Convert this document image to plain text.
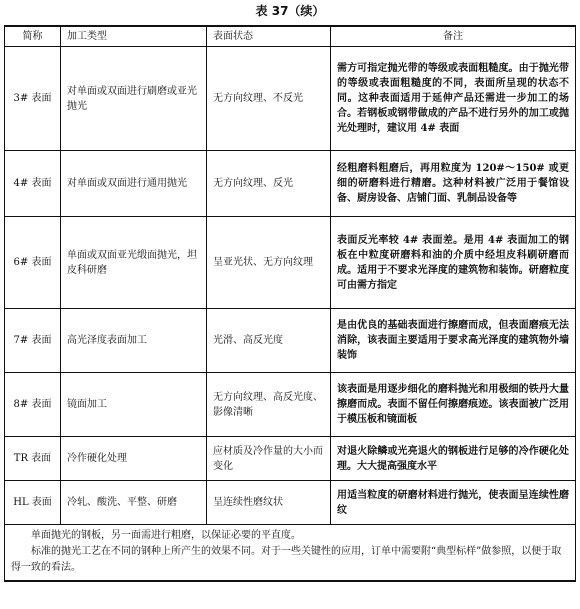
表 37（续）
简称	加工类型	表面状态	备注
3# 表面	对单面或双面进行刷磨或亚光抛光	无方向纹理、不反光	需方可指定抛光带的等级或表面粗糙度。由于抛光带的等级或表面粗糙度的不同，表面所呈现的状态不同。这种表面适用于延伸产品还需进一步加工的场合。若钢板或钢带做成的产品不进行另外的加工或抛光处理时，建议用 4# 表面
4# 表面	对单面或双面进行通用抛光	无方向纹理、反光	经粗磨料粗磨后，再用粒度为 120#～150# 或更细的研磨料进行精磨。这种材料被广泛用于餐馆设备、厨房设备、店铺门面、乳制品设备等
6# 表面	单面或双面亚光缎面抛光，坦皮科研磨	呈亚光状、无方向纹理	表面反光率较 4# 表面差。是用 4# 表面加工的钢板在中粒度研磨料和油的介质中经坦皮科刷研磨而成。适用于不要求光泽度的建筑物和装饰。研磨粒度可由需方指定
7# 表面	高光泽度表面加工	光滑、高反光度	是由优良的基础表面进行擦磨而成，但表面磨痕无法消除，该表面主要适用于要求高光泽度的建筑物外墙装饰
8# 表面	镜面加工	无方向纹理、高反光度、影像清晰	该表面是用逐步细化的磨料抛光和用极细的铁丹大量擦磨而成。表面不留任何擦磨痕迹。该表面被广泛用于模压板和镜面板
TR 表面	冷作硬化处理	应材质及冷作量的大小而变化	对退火除鳞或光亮退火的钢板进行足够的冷作硬化处理。大大提高强度水平
HL 表面	冷轧、酸洗、平整、研磨	呈连续性磨纹状	用适当粒度的研磨材料进行抛光，使表面呈连续性磨纹

单面抛光的钢板，另一面需进行粗磨，以保证必要的平直度。

标准的抛光工艺在不同的钢种上所产生的效果不同。对于一些关键性的应用，订单中需要附“典型标样”做参照，以便于取得一致的看法。			
